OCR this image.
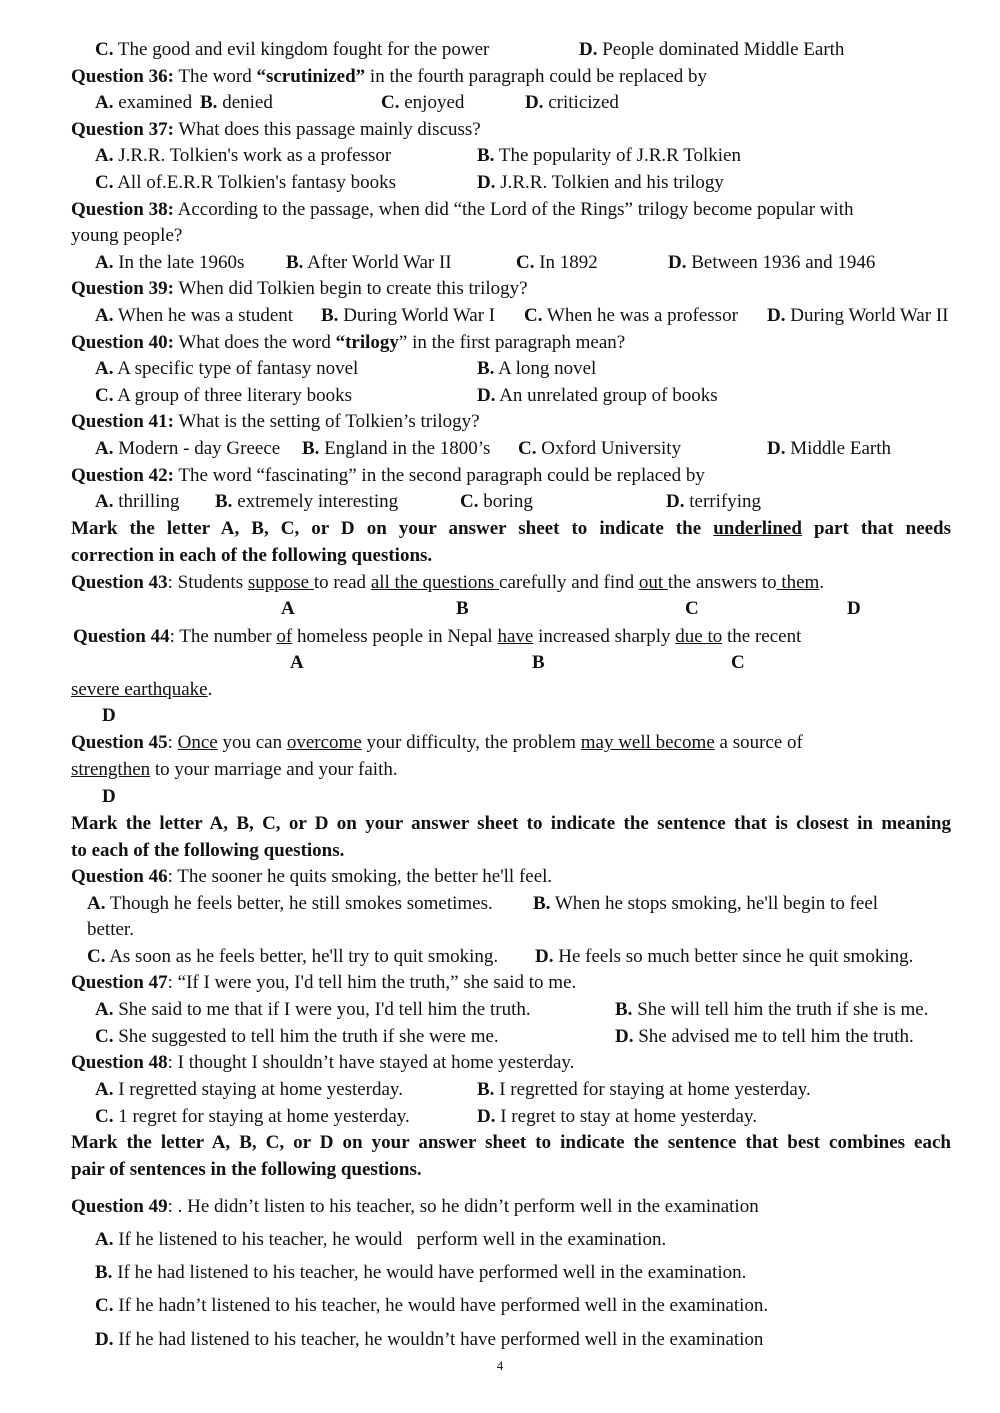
C. The good and evil kingdom fought for the power	D. People dominated Middle Earth
Question 36: The word “scrutinized” in the fourth paragraph could be replaced by
A. examined B. denied	C. enjoyed	D. criticized
Question 37: What does this passage mainly discuss?
A. J.R.R. Tolkien's work as a professor	B. The popularity of J.R.R Tolkien
C. All of.E.R.R Tolkien's fantasy books	D. J.R.R. Tolkien and his trilogy
Question 38: According to the passage, when did “the Lord of the Rings” trilogy become popular with
young people?
A. In the late 1960s B. After World War II	C. In 1892	D. Between 1936 and 1946
Question 39: When did Tolkien begin to create this trilogy?
A. When he was a student B. During World War I C. When he was a professor D. During World War II
Question 40: What does the word “trilogy” in the first paragraph mean?
A. A specific type of fantasy novel	B. A long novel
C. A group of three literary books	D. An unrelated group of books
Question 41: What is the setting of Tolkien’s trilogy?
A. Modern - day Greece B. England in the 1800’s C. Oxford University	D. Middle Earth
Question 42: The word “fascinating” in the second paragraph could be replaced by
A. thrilling B. extremely interesting	C. boring	D. terrifying
Mark the letter A, B, C, or D on your answer sheet to indicate the underlined part that needs
correction in each of the following questions.
Question 43: Students suppose to read all the questions carefully and find out the answers to them.
A	B	C	D
Question 44: The number of homeless people in Nepal have increased sharply due to the recent
A	B	C
severe earthquake.
D
Question 45: Once you can overcome your difficulty, the problem may well become a source of
strengthen to your marriage and your faith.
D
Mark the letter A, B, C, or D on your answer sheet to indicate the sentence that is closest in meaning
to each of the following questions.
Question 46: The sooner he quits smoking, the better he'll feel.
A. Though he feels better, he still smokes sometimes. B. When he stops smoking, he'll begin to feel
better.
C. As soon as he feels better, he'll try to quit smoking. D. He feels so much better since he quit smoking.
Question 47: “If I were you, I'd tell him the truth,” she said to me.
A. She said to me that if I were you, I'd tell him the truth.	B. She will tell him the truth if she is me.
C. She suggested to tell him the truth if she were me.	D. She advised me to tell him the truth.
Question 48: I thought I shouldn’t have stayed at home yesterday.
A. I regretted staying at home yesterday.	B. I regretted for staying at home yesterday.
C. 1 regret for staying at home yesterday.	D. I regret to stay at home yesterday.
Mark the letter A, B, C, or D on your answer sheet to indicate the sentence that best combines each
pair of sentences in the following questions.
Question 49: . He didn’t listen to his teacher, so he didn’t perform well in the examination
A. If he listened to his teacher, he would   perform well in the examination.
B. If he had listened to his teacher, he would have performed well in the examination.
C. If he hadn’t listened to his teacher, he would have performed well in the examination.
D. If he had listened to his teacher, he wouldn’t have performed well in the examination
4
